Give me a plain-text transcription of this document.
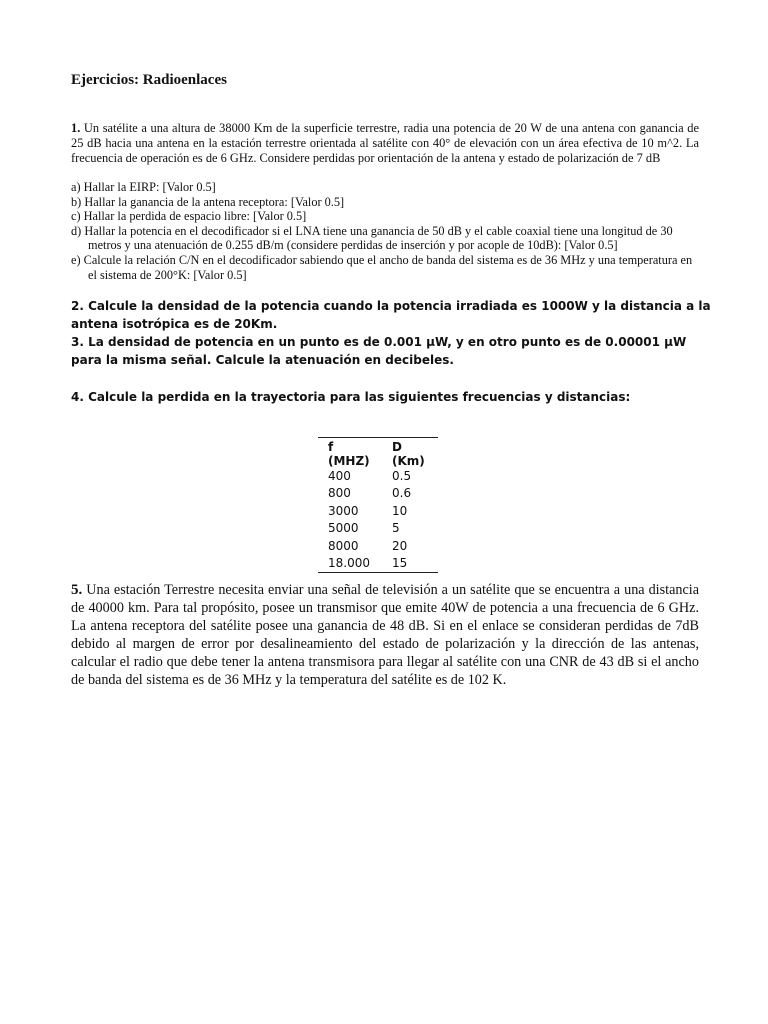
Ejercicios: Radioenlaces
1. Un satélite a una altura de 38000 Km de la superficie terrestre, radia una potencia de 20 W de una antena con ganancia de 25 dB hacia una antena en la estación terrestre orientada al satélite con 40° de elevación con un área efectiva de 10 m^2. La frecuencia de operación es de 6 GHz. Considere perdidas por orientación de la antena y estado de polarización de 7 dB
a) Hallar la EIRP: [Valor 0.5]
b) Hallar la ganancia de la antena receptora: [Valor 0.5]
c) Hallar la perdida de espacio libre: [Valor 0.5]
d) Hallar la potencia en el decodificador si el LNA tiene una ganancia de 50 dB y el cable coaxial tiene una longitud de 30 metros y una atenuación de 0.255 dB/m (considere perdidas de inserción y por acople de 10dB): [Valor 0.5]
e) Calcule la relación C/N en el decodificador sabiendo que el ancho de banda del sistema es de 36 MHz y una temperatura en el sistema de 200°K: [Valor 0.5]
2. Calcule la densidad de la potencia cuando la potencia irradiada es 1000W y la distancia a la antena isotrópica es de 20Km.
3. La densidad de potencia en un punto es de 0.001 µW, y en otro punto es de 0.00001 µW para la misma señal. Calcule la atenuación en decibeles.
4. Calcule la perdida en la trayectoria para las siguientes frecuencias y distancias:
f (MHZ)	D (Km)
400	0.5
800	0.6
3000	10
5000	5
8000	20
18.000	15
5. Una estación Terrestre necesita enviar una señal de televisión a un satélite que se encuentra a una distancia de 40000 km. Para tal propósito, posee un transmisor que emite 40W de potencia a una frecuencia de 6 GHz. La antena receptora del satélite posee una ganancia de 48 dB. Si en el enlace se consideran perdidas de 7dB debido al margen de error por desalineamiento del estado de polarización y la dirección de las antenas, calcular el radio que debe tener la antena transmisora para llegar al satélite con una CNR de 43 dB si el ancho de banda del sistema es de 36 MHz y la temperatura del satélite es de 102 K.
